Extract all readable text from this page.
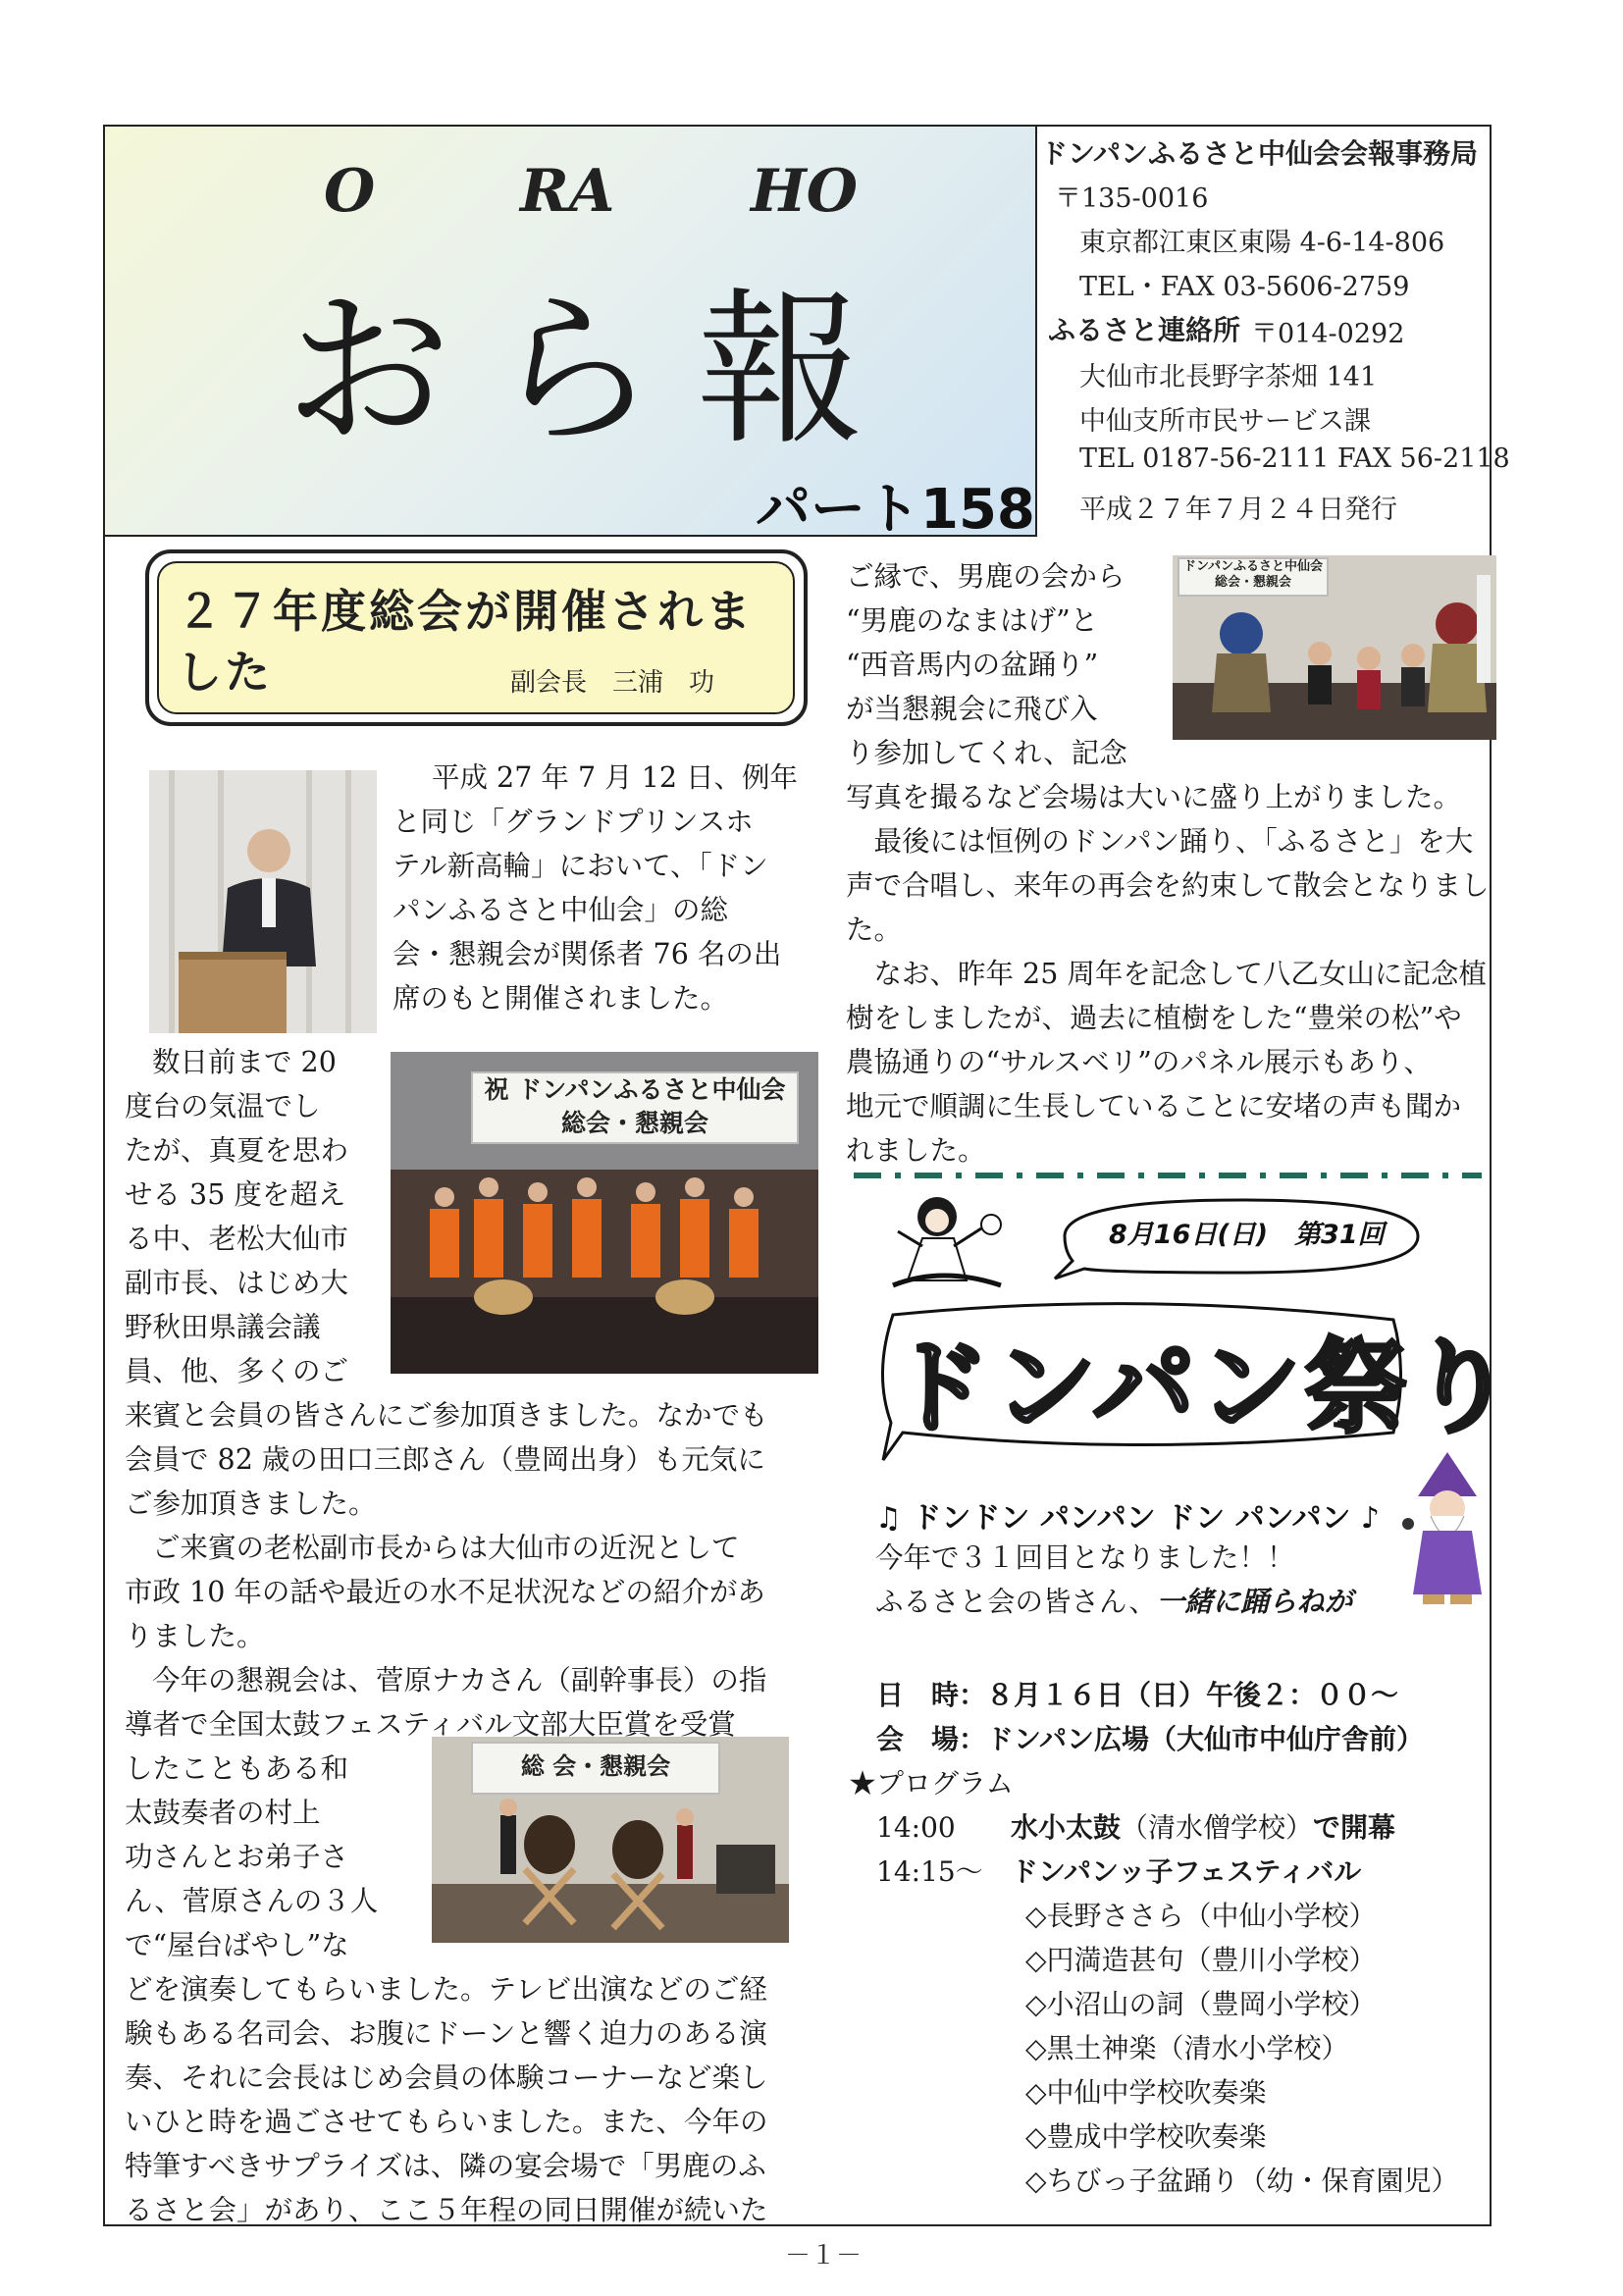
O RA HO
おら報
パート158
ドンパンふるさと中仙会会報事務局
〒135-0016
東京都江東区東陽 4-6-14-806
TEL・FAX 03-5606-2759
ふるさと連絡所 〒014-0292
大仙市北長野字茶畑 141
中仙支所市民サービス課
TEL 0187-56-2111 FAX 56-2118
平成２７年７月２４日発行
２７年度総会が開催されま
した	副会長　三浦　功
祝 ドンパンふるさと中仙会
総会・懇親会
総 会・懇親会
ドンパンふるさと中仙会
総会・懇親会
平成 27 年 7 月 12 日、例年
と同じ「グランドプリンスホ
テル新高輪」において、「ドン
パンふるさと中仙会」の総
会・懇親会が関係者 76 名の出
席のもと開催されました。
数日前まで 20
度台の気温でし
たが、真夏を思わ
せる 35 度を超え
る中、老松大仙市
副市長、はじめ大
野秋田県議会議
員、他、多くのご
来賓と会員の皆さんにご参加頂きました。なかでも
会員で 82 歳の田口三郎さん（豊岡出身）も元気に
ご参加頂きました。
ご来賓の老松副市長からは大仙市の近況として
市政 10 年の話や最近の水不足状況などの紹介があ
りました。
今年の懇親会は、菅原ナカさん（副幹事長）の指
導者で全国太鼓フェスティバル文部大臣賞を受賞
したこともある和
太鼓奏者の村上
功さんとお弟子さ
ん、菅原さんの３人
で“屋台ばやし”な
どを演奏してもらいました。テレビ出演などのご経
験もある名司会、お腹にドーンと響く迫力のある演
奏、それに会長はじめ会員の体験コーナーなど楽し
いひと時を過ごさせてもらいました。また、今年の
特筆すべきサプライズは、隣の宴会場で「男鹿のふ
るさと会」があり、ここ５年程の同日開催が続いた
ご縁で、男鹿の会から
“男鹿のなまはげ”と
“西音馬内の盆踊り”
が当懇親会に飛び入
り参加してくれ、記念
写真を撮るなど会場は大いに盛り上がりました。
　最後には恒例のドンパン踊り、「ふるさと」を大
声で合唱し、来年の再会を約束して散会となりまし
た。
　なお、昨年 25 周年を記念して八乙女山に記念植
樹をしましたが、過去に植樹をした“豊栄の松”や
農協通りの“サルスベリ”のパネル展示もあり、
地元で順調に生長していることに安堵の声も聞か
れました。
8月16日(日)　第31回
ドンパン祭り
♫ ドンドン パンパン ドン パンパン ♪
今年で３１回目となりました！！
ふるさと会の皆さん、一緒に踊らねが
日　時：８月１６日（日）午後２：００～
会　場：ドンパン広場（大仙市中仙庁舎前）
★プログラム
14:00 水小太鼓（清水僧学校）で開幕
14:15～ ドンパンッ子フェスティバル
◇長野ささら（中仙小学校）
◇円満造甚句（豊川小学校）
◇小沼山の詞（豊岡小学校）
◇黒土神楽（清水小学校）
◇中仙中学校吹奏楽
◇豊成中学校吹奏楽
◇ちびっ子盆踊り（幼・保育園児）
－１－
